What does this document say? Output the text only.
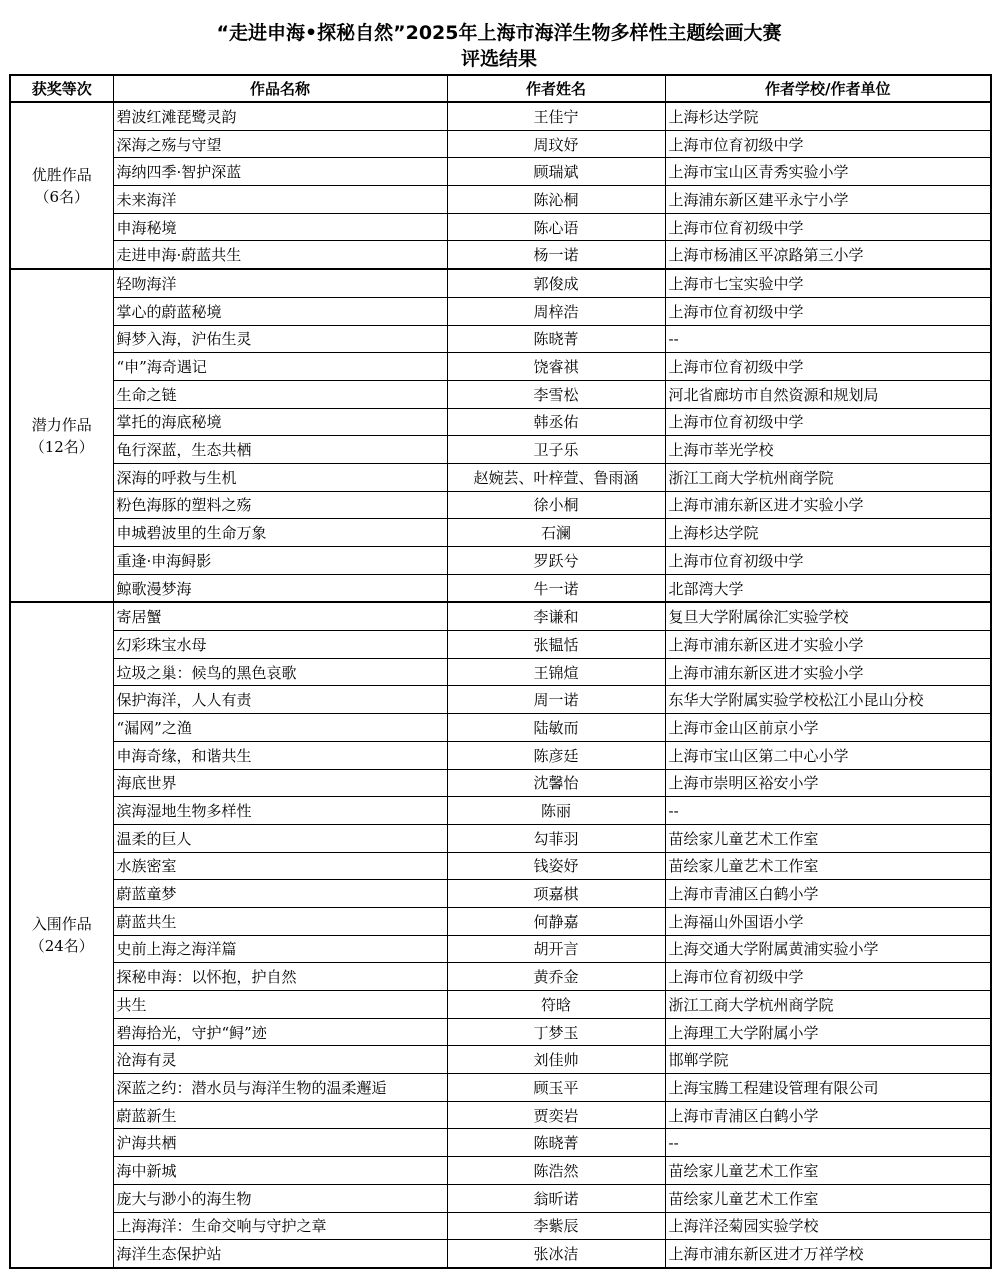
“走进申海•探秘自然”2025年上海市海洋生物多样性主题绘画大赛
评选结果
获奖等次	作品名称	作者姓名	作者学校/作者单位

优胜作品
（6名）	碧波红滩琵鹭灵韵	王佳宁	上海杉达学院
	深海之殇与守望	周玟妤	上海市位育初级中学
	海纳四季·智护深蓝	顾瑞斌	上海市宝山区青秀实验小学
	未来海洋	陈沁桐	上海浦东新区建平永宁小学
	申海秘境	陈心语	上海市位育初级中学
	走进申海·蔚蓝共生	杨一诺	上海市杨浦区平凉路第三小学

潜力作品
（12名）	轻吻海洋	郭俊成	上海市七宝实验中学
	掌心的蔚蓝秘境	周梓浩	上海市位育初级中学
	鲟梦入海，沪佑生灵	陈晓菁	--
	“申”海奇遇记	饶睿祺	上海市位育初级中学
	生命之链	李雪松	河北省廊坊市自然资源和规划局
	掌托的海底秘境	韩丞佑	上海市位育初级中学
	龟行深蓝，生态共栖	卫子乐	上海市莘光学校
	深海的呼救与生机	赵婉芸、叶梓萱、鲁雨涵	浙江工商大学杭州商学院
	粉色海豚的塑料之殇	徐小桐	上海市浦东新区进才实验小学
	申城碧波里的生命万象	石澜	上海杉达学院
	重逢·申海鲟影	罗跃兮	上海市位育初级中学
	鲸歌漫梦海	牛一诺	北部湾大学

入围作品
（24名）	寄居蟹	李谦和	复旦大学附属徐汇实验学校
	幻彩珠宝水母	张韫恬	上海市浦东新区进才实验小学
	垃圾之巢：候鸟的黑色哀歌	王锦煊	上海市浦东新区进才实验小学
	保护海洋，人人有责	周一诺	东华大学附属实验学校松江小昆山分校
	“漏网”之渔	陆敏而	上海市金山区前京小学
	申海奇缘，和谐共生	陈彦廷	上海市宝山区第二中心小学
	海底世界	沈馨怡	上海市崇明区裕安小学
	滨海湿地生物多样性	陈丽	--
	温柔的巨人	勾菲羽	苗绘家儿童艺术工作室
	水族密室	钱姿妤	苗绘家儿童艺术工作室
	蔚蓝童梦	项嘉棋	上海市青浦区白鹤小学
	蔚蓝共生	何静嘉	上海福山外国语小学
	史前上海之海洋篇	胡开言	上海交通大学附属黄浦实验小学
	探秘申海：以怀抱，护自然	黄乔金	上海市位育初级中学
	共生	符晗	浙江工商大学杭州商学院
	碧海拾光，守护“鲟”迹	丁梦玉	上海理工大学附属小学
	沧海有灵	刘佳帅	邯郸学院
	深蓝之约：潜水员与海洋生物的温柔邂逅	顾玉平	上海宝腾工程建设管理有限公司
	蔚蓝新生	贾奕岩	上海市青浦区白鹤小学
	沪海共栖	陈晓菁	--
	海中新城	陈浩然	苗绘家儿童艺术工作室
	庞大与渺小的海生物	翁昕诺	苗绘家儿童艺术工作室
	上海海洋：生命交响与守护之章	李紫辰	上海洋泾菊园实验学校
	海洋生态保护站	张冰洁	上海市浦东新区进才万祥学校
